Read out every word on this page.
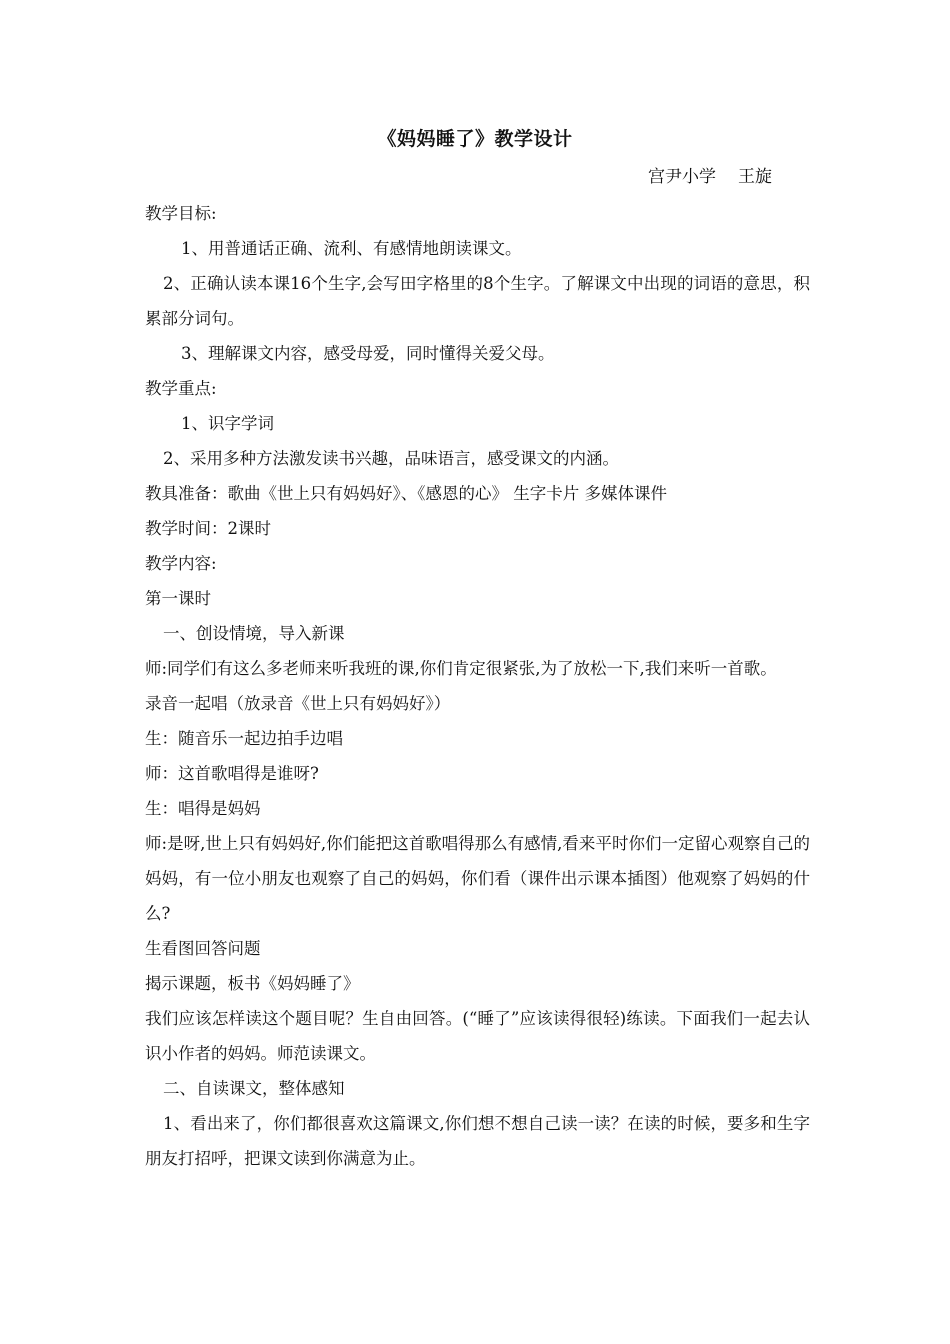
《妈妈睡了》教学设计
宫尹小学 王旋

教学目标:

1、用普通话正确、流利、有感情地朗读课文。

2、正确认读本课16个生字,会写田字格里的8个生字。了解课文中出现的词语的意思，积累部分词句。

3、理解课文内容，感受母爱，同时懂得关爱父母。

教学重点:

1、识字学词

2、采用多种方法激发读书兴趣，品味语言，感受课文的内涵。

教具准备：歌曲《世上只有妈妈好》、《感恩的心》 生字卡片 多媒体课件

教学时间：2课时

教学内容:

第一课时

一、创设情境，导入新课

师:同学们有这么多老师来听我班的课,你们肯定很紧张,为了放松一下,我们来听一首歌。

录音一起唱（放录音《世上只有妈妈好》）

生：随音乐一起边拍手边唱

师：这首歌唱得是谁呀?

生：唱得是妈妈

师:是呀,世上只有妈妈好,你们能把这首歌唱得那么有感情,看来平时你们一定留心观察自己的妈妈，有一位小朋友也观察了自己的妈妈，你们看（课件出示课本插图）他观察了妈妈的什么?

生看图回答问题

揭示课题，板书《妈妈睡了》

我们应该怎样读这个题目呢？生自由回答。(“睡了”应该读得很轻)练读。下面我们一起去认识小作者的妈妈。师范读课文。

二、自读课文，整体感知

1、看出来了，你们都很喜欢这篇课文,你们想不想自己读一读？在读的时候，要多和生字朋友打招呼，把课文读到你满意为止。
